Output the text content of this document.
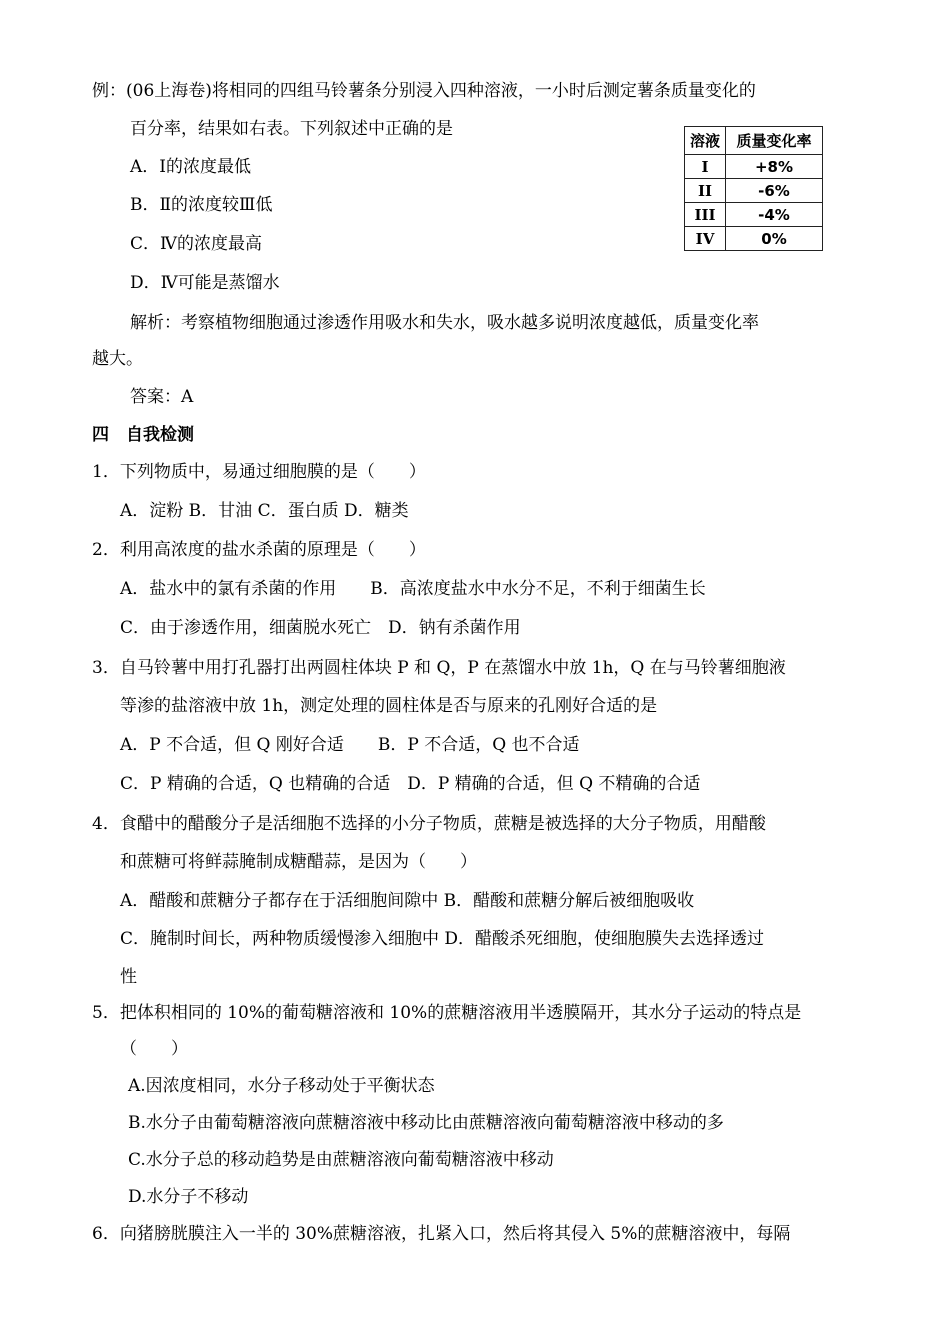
例：(06上海卷)将相同的四组马铃薯条分别浸入四种溶液，一小时后测定薯条质量变化的
百分率，结果如右表。下列叙述中正确的是
A．Ⅰ的浓度最低
B．Ⅱ的浓度较Ⅲ低
C．Ⅳ的浓度最高
D．Ⅳ可能是蒸馏水
溶液	质量变化率
I	+8%
II	-6%
III	-4%
IV	0%
解析：考察植物细胞通过渗透作用吸水和失水，吸水越多说明浓度越低，质量变化率
越大。
答案：A
四　自我检测
1．下列物质中，易通过细胞膜的是（　　）
A．淀粉 B．甘油 C．蛋白质 D．糖类
2．利用高浓度的盐水杀菌的原理是（　　）
A．盐水中的氯有杀菌的作用　　B．高浓度盐水中水分不足，不利于细菌生长
C．由于渗透作用，细菌脱水死亡　D．钠有杀菌作用
3．自马铃薯中用打孔器打出两圆柱体块 P 和 Q，P 在蒸馏水中放 1h，Q 在与马铃薯细胞液
等渗的盐溶液中放 1h，测定处理的圆柱体是否与原来的孔刚好合适的是
A．P 不合适，但 Q 刚好合适　　B．P 不合适，Q 也不合适
C．P 精确的合适，Q 也精确的合适　D．P 精确的合适，但 Q 不精确的合适
4．食醋中的醋酸分子是活细胞不选择的小分子物质，蔗糖是被选择的大分子物质，用醋酸
和蔗糖可将鲜蒜腌制成糖醋蒜，是因为（　　）
A．醋酸和蔗糖分子都存在于活细胞间隙中 B．醋酸和蔗糖分解后被细胞吸收
C．腌制时间长，两种物质缓慢渗入细胞中 D．醋酸杀死细胞，使细胞膜失去选择透过
性
5．把体积相同的 10%的葡萄糖溶液和 10%的蔗糖溶液用半透膜隔开，其水分子运动的特点是
（　　）
A.因浓度相同，水分子移动处于平衡状态
B.水分子由葡萄糖溶液向蔗糖溶液中移动比由蔗糖溶液向葡萄糖溶液中移动的多
C.水分子总的移动趋势是由蔗糖溶液向葡萄糖溶液中移动
D.水分子不移动
6．向猪膀胱膜注入一半的 30%蔗糖溶液，扎紧入口，然后将其侵入 5%的蔗糖溶液中，每隔
